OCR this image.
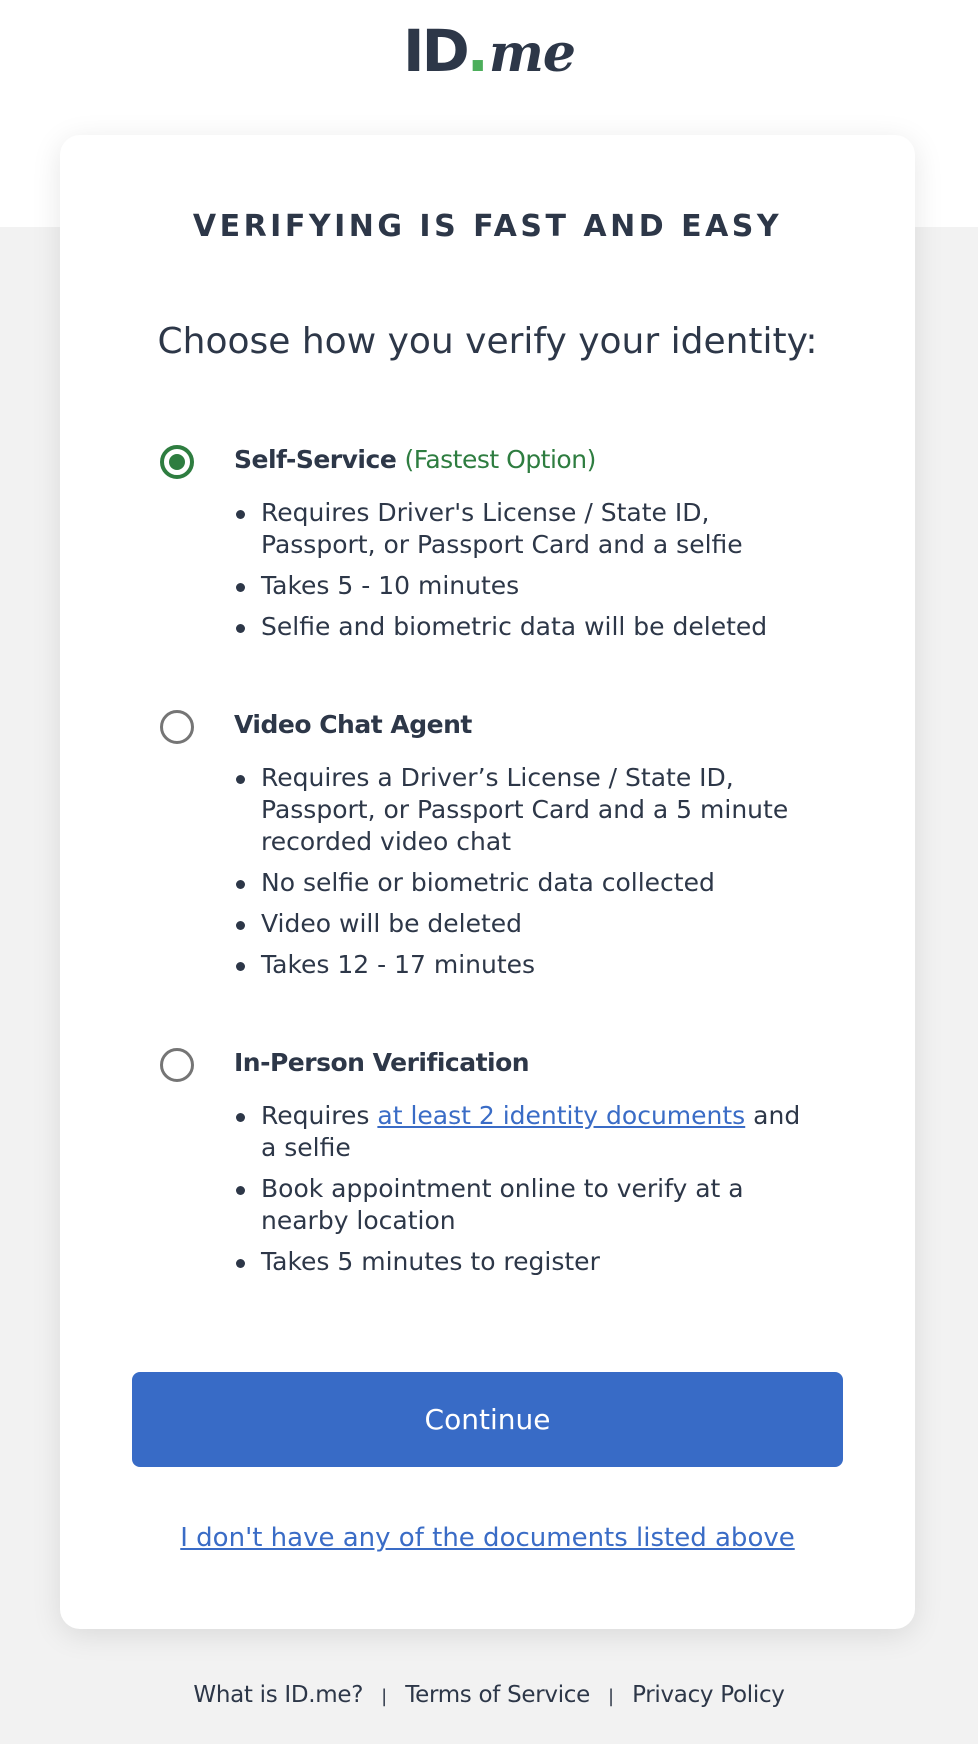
ID.me
VERIFYING IS FAST AND EASY
Choose how you verify your identity:
Self-Service (Fastest Option)
Requires Driver's License / State ID, Passport, or Passport Card and a selfie
Takes 5 - 10 minutes
Selfie and biometric data will be deleted
Video Chat Agent
Requires a Driver’s License / State ID, Passport, or Passport Card and a 5 minute recorded video chat
No selfie or biometric data collected
Video will be deleted
Takes 12 - 17 minutes
In-Person Verification
Requires at least 2 identity documents and a selfie
Book appointment online to verify at a nearby location
Takes 5 minutes to register
Continue
I don't have any of the documents listed above
What is ID.me? | Terms of Service | Privacy Policy
